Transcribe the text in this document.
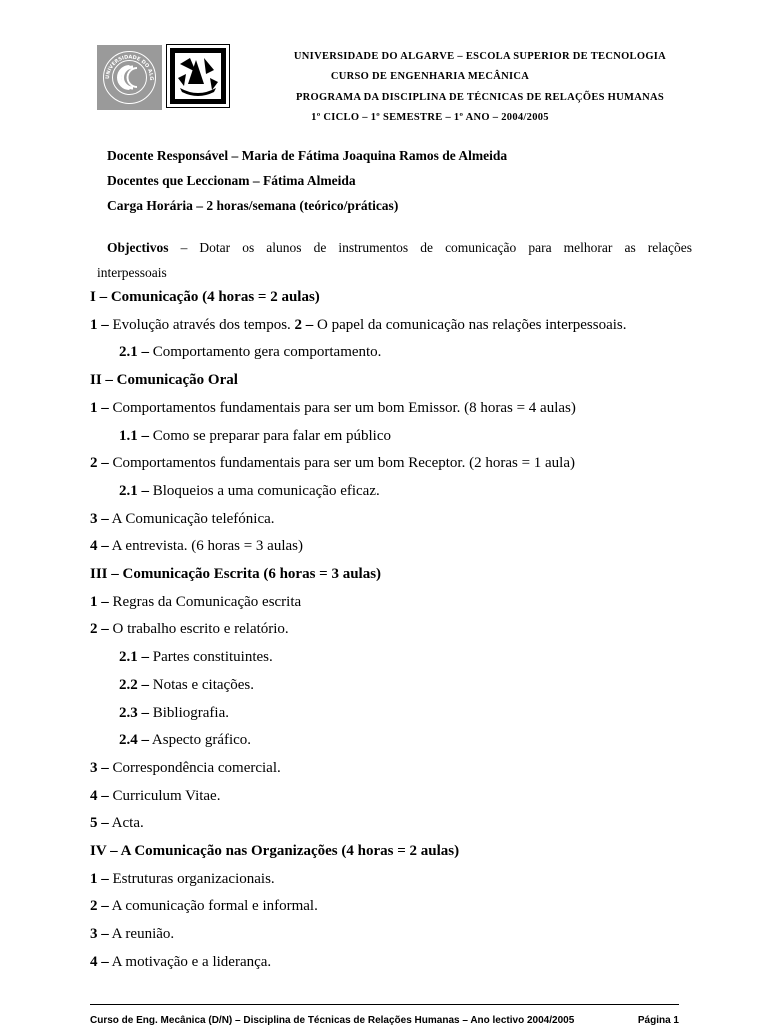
UNIVERSIDADE DO ALG
UNIVERSIDADE DO ALGARVE – ESCOLA SUPERIOR DE TECNOLOGIA
CURSO DE ENGENHARIA MECÂNICA
PROGRAMA DA DISCIPLINA DE TÉCNICAS DE RELAÇÕES HUMANAS
1º CICLO – 1º SEMESTRE – 1º ANO – 2004/2005
Docente Responsável – Maria de Fátima Joaquina Ramos de Almeida
Docentes que Leccionam – Fátima Almeida
Carga Horária – 2 horas/semana (teórico/práticas)
Objectivos – Dotar os alunos de instrumentos de comunicação para melhorar as relações
interpessoais
I – Comunicação (4 horas = 2 aulas)
1 – Evolução através dos tempos. 2 – O papel da comunicação nas relações interpessoais.
2.1 – Comportamento gera comportamento.
II – Comunicação Oral
1 – Comportamentos fundamentais para ser um bom Emissor. (8 horas = 4 aulas)
1.1 – Como se preparar para falar em público
2 – Comportamentos fundamentais para ser um bom Receptor. (2 horas = 1 aula)
2.1 – Bloqueios a uma comunicação eficaz.
3 – A Comunicação telefónica.
4 – A entrevista. (6 horas = 3 aulas)
III – Comunicação Escrita (6 horas = 3 aulas)
1 – Regras da Comunicação escrita
2 – O trabalho escrito e relatório.
2.1 – Partes constituintes.
2.2 – Notas e citações.
2.3 – Bibliografia.
2.4 – Aspecto gráfico.
3 – Correspondência comercial.
4 – Curriculum Vitae.
5 – Acta.
IV – A Comunicação nas Organizações (4 horas = 2 aulas)
1 – Estruturas organizacionais.
2 – A comunicação formal e informal.
3 – A reunião.
4 – A motivação e a liderança.
Curso de Eng. Mecânica (D/N) – Disciplina de Técnicas de Relações Humanas – Ano lectivo 2004/2005	Página 1
